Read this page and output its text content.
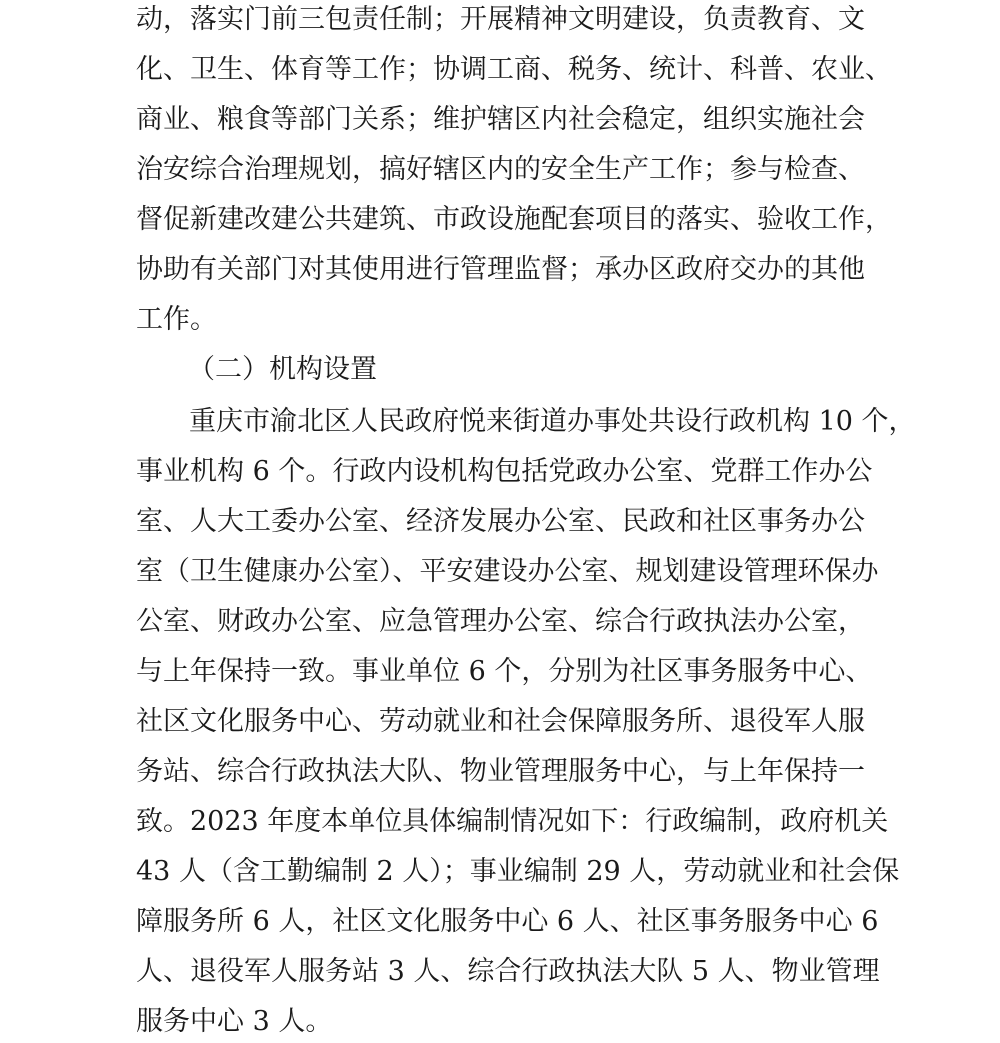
动，落实门前三包责任制；开展精神文明建设，负责教育、文
化、卫生、体育等工作；协调工商、税务、统计、科普、农业、
商业、粮食等部门关系；维护辖区内社会稳定，组织实施社会
治安综合治理规划，搞好辖区内的安全生产工作；参与检查、
督促新建改建公共建筑、市政设施配套项目的落实、验收工作，
协助有关部门对其使用进行管理监督；承办区政府交办的其他
工作。
（二）机构设置
　重庆市渝北区人民政府悦来街道办事处共设行政机构 10 个，
事业机构 6 个。行政内设机构包括党政办公室、党群工作办公
室、人大工委办公室、经济发展办公室、民政和社区事务办公
室（卫生健康办公室）、平安建设办公室、规划建设管理环保办
公室、财政办公室、应急管理办公室、综合行政执法办公室，
与上年保持一致。事业单位 6 个，分别为社区事务服务中心、
社区文化服务中心、劳动就业和社会保障服务所、退役军人服
务站、综合行政执法大队、物业管理服务中心，与上年保持一
致。2023 年度本单位具体编制情况如下：行政编制，政府机关
43 人（含工勤编制 2 人）；事业编制 29 人，劳动就业和社会保
障服务所 6 人，社区文化服务中心 6 人、社区事务服务中心 6
人、退役军人服务站 3 人、综合行政执法大队 5 人、物业管理
服务中心 3 人。
